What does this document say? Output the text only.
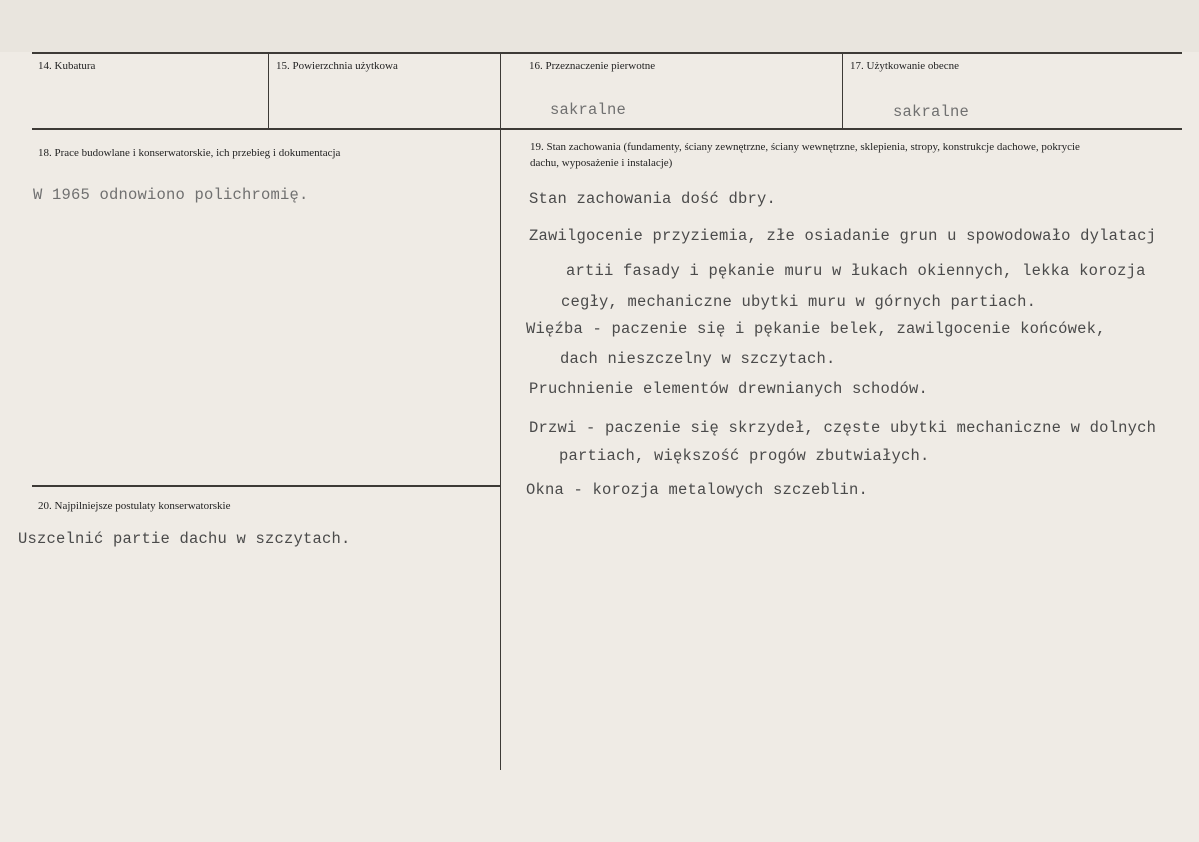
14. Kubatura	15. Powierzchnia użytkowa	16. Przeznaczenie pierwotne
sakralne
17. Użytkowanie obecne
sakralne
18. Prace budowlane i konserwatorskie, ich przebieg i dokumentacja
W 1965 odnowiono polichromię.
19. Stan zachowania (fundamenty, ściany zewnętrzne, ściany wewnętrzne, sklepienia, stropy, konstrukcje dachowe, pokrycie dachu, wyposażenie i instalacje)
Stan zachowania dość dbry.
Zawilgocenie przyziemia, złe osiadanie grun u spowodowało dylatacj
artii fasady i pękanie muru w łukach okiennych, lekka korozja
cegły, mechaniczne ubytki muru w górnych partiach.
Więźba - paczenie się i pękanie belek, zawilgocenie końcówek,
dach nieszczelny w szczytach.
Pruchnienie elementów drewnianych schodów.
Drzwi - paczenie się skrzydeł, częste ubytki mechaniczne w dolnych
partiach, większość progów zbutwiałych.
Okna - korozja metalowych szczeblin.
20. Najpilniejsze postulaty konserwatorskie
Uszcelnić partie dachu w szczytach.
